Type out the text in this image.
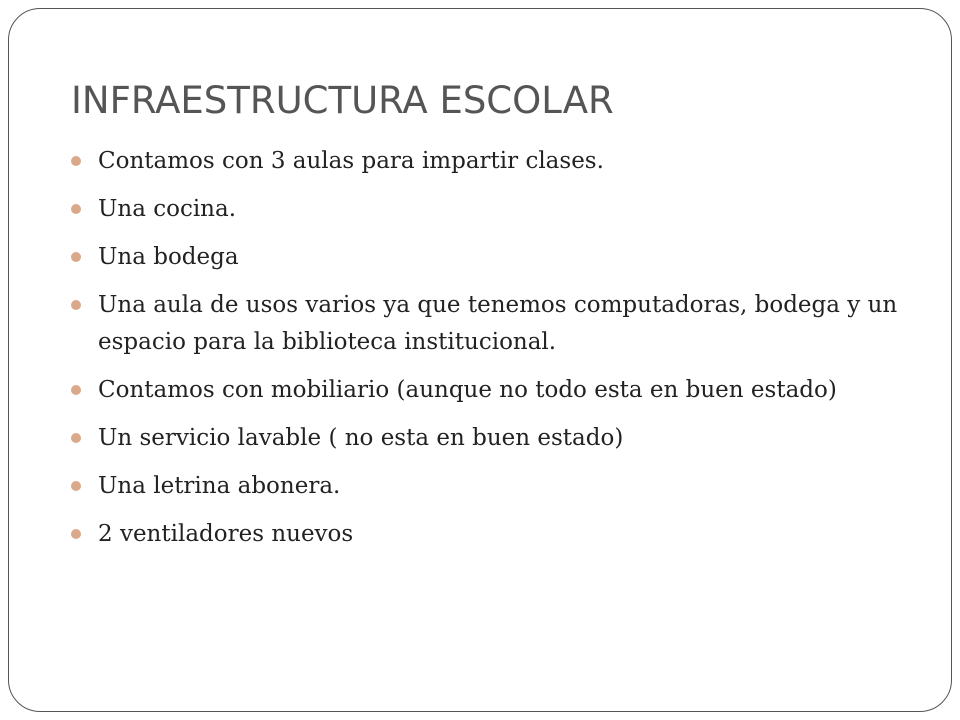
INFRAESTRUCTURA ESCOLAR
Contamos con 3 aulas para impartir clases.
Una cocina.
Una bodega
Una aula de usos varios ya que tenemos computadoras, bodega y un espacio para la biblioteca institucional.
Contamos con mobiliario (aunque no todo esta en buen estado)
Un servicio lavable ( no esta en buen estado)
Una letrina abonera.
2 ventiladores nuevos
